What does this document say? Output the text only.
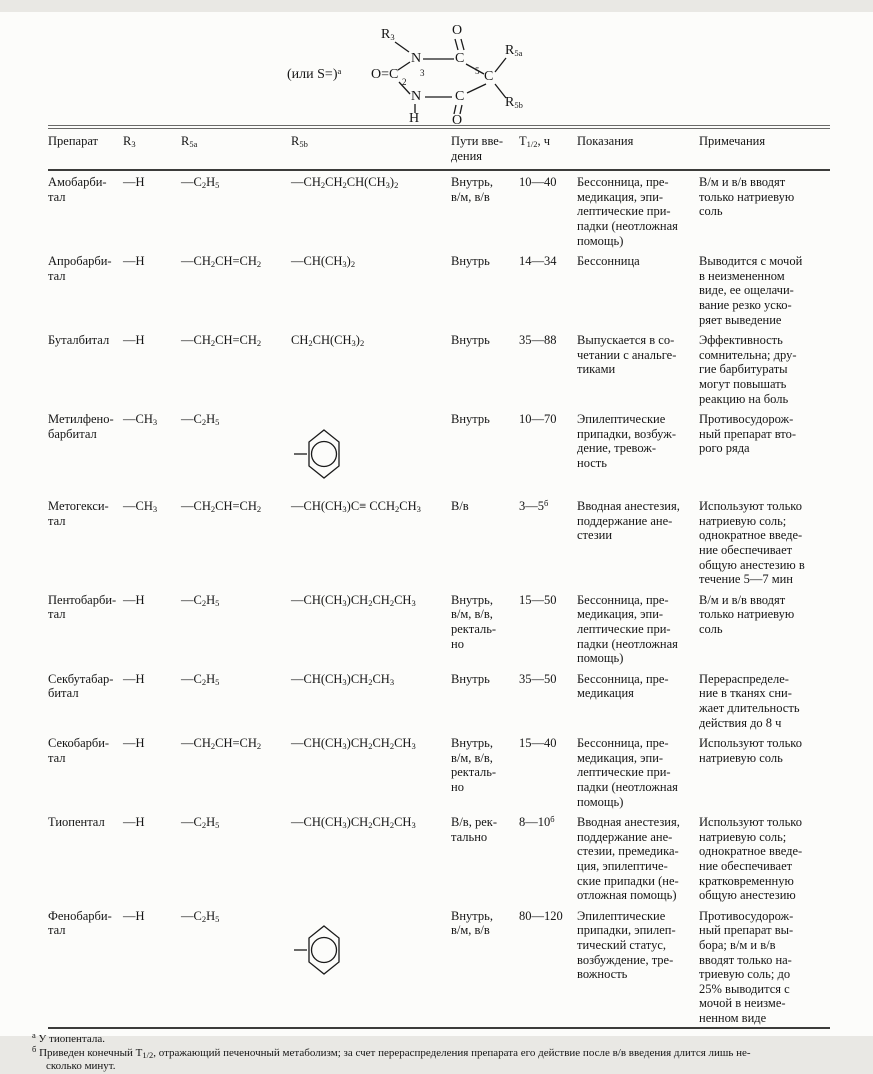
$R_3$
(или S=)$^а$ O=C 2
N
3
C
O
C
5
$R_{5a}$
$R_{5b}$
N
H
C
O
Препарат	$R_3$	$R_{5a}$	$R_{5b}$	Пути вве-
дения	$T_{1/2}$, ч	Показания	Примечания
Амобарби-
тал	—H	$—C_2H_5$	$—CH_2CH_2CH(CH_3)_2$	Внутрь,
в/м, в/в	10—40	Бессонница, пре-
медикация, эпи-
лептические при-
падки (неотложная
помощь)	В/м и в/в вводят
только натриевую
соль
Апробарби-
тал	—H	$—CH_2CH=CH_2$	$—CH(CH_3)_2$	Внутрь	14—34	Бессонница	Выводится с мочой
в неизмененном
виде, ее ощелачи-
вание резко уско-
ряет выведение
Буталбитал	—H	$—CH_2CH=CH_2$	$CH_2CH(CH_3)_2$	Внутрь	35—88	Выпускается в со-
четании с анальге-
тиками	Эффективность
сомнительна; дру-
гие барбитураты
могут повышать
реакцию на боль
Метилфено-
барбитал	$—CH_3$	$—C_2H_5$		Внутрь	10—70	Эпилептические
припадки, возбуж-
дение, тревож-
ность	Противосудорож-
ный препарат вто-
рого ряда
Метогекси-
тал	$—CH_3$	$—CH_2CH=CH_2$	$—CH(CH_3)C\equiv CCH_2CH_3$	В/в	$3—5^б$	Вводная анестезия,
поддержание ане-
стезии	Используют только
натриевую соль;
однократное введе-
ние обеспечивает
общую анестезию в
течение 5—7 мин
Пентобарби-
тал	—H	$—C_2H_5$	$—CH(CH_3)CH_2CH_2CH_3$	Внутрь,
в/м, в/в,
ректаль-
но	15—50	Бессонница, пре-
медикация, эпи-
лептические при-
падки (неотложная
помощь)	В/м и в/в вводят
только натриевую
соль
Секбутабар-
битал	—H	$—C_2H_5$	$—CH(CH_3)CH_2CH_3$	Внутрь	35—50	Бессонница, пре-
медикация	Перераспределе-
ние в тканях сни-
жает длительность
действия до 8 ч
Секобарби-
тал	—H	$—CH_2CH=CH_2$	$—CH(CH_3)CH_2CH_2CH_3$	Внутрь,
в/м, в/в,
ректаль-
но	15—40	Бессонница, пре-
медикация, эпи-
лептические при-
падки (неотложная
помощь)	Используют только
натриевую соль
Тиопентал	—H	$—C_2H_5$	$—CH(CH_3)CH_2CH_2CH_3$	В/в, рек-
тально	$8—10^б$	Вводная анестезия,
поддержание ане-
стезии, премедика-
ция, эпилептиче-
ские припадки (не-
отложная помощь)	Используют только
натриевую соль;
однократное введе-
ние обеспечивает
кратковременную
общую анестезию
Фенобарби-
тал	—H	$—C_2H_5$		Внутрь,
в/м, в/в	80—120	Эпилептические
припадки, эпилеп-
тический статус,
возбуждение, тре-
вожность	Противосудорож-
ный препарат вы-
бора; в/м и в/в
вводят только на-
триевую соль; до
25% выводится с
мочой в неизме-
ненном виде
$^а$ У тиопентала.
$^б$ Приведен конечный $T_{1/2}$, отражающий печеночный метаболизм; за счет перераспределения препарата его действие после в/в введения длится лишь не-
сколько минут.
